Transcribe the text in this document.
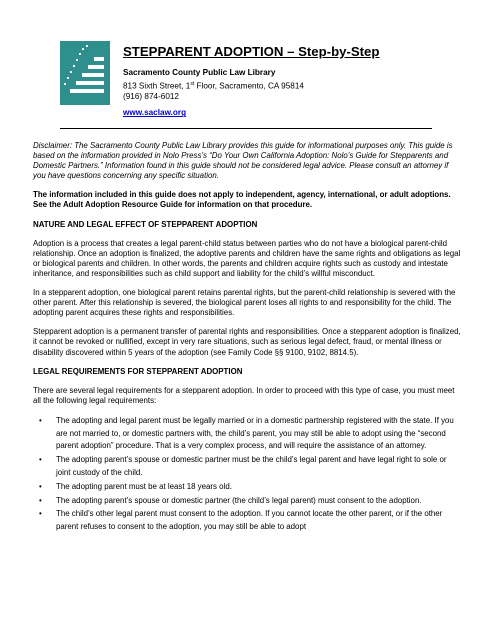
STEPPARENT ADOPTION – Step-by-Step
Sacramento County Public Law Library
813 Sixth Street, 1st Floor, Sacramento, CA 95814
(916) 874-6012
www.saclaw.org

Disclaimer: The Sacramento County Public Law Library provides this guide for informational purposes only. This guide is based on the information provided in Nolo Press’s “Do Your Own California Adoption: Nolo’s Guide for Stepparents and Domestic Partners.” Information found in this guide should not be considered legal advice. Please consult an attorney if you have questions concerning any specific situation.

The information included in this guide does not apply to independent, agency, international, or adult adoptions. See the Adult Adoption Resource Guide for information on that procedure.

NATURE AND LEGAL EFFECT OF STEPPARENT ADOPTION

Adoption is a process that creates a legal parent-child status between parties who do not have a biological parent-child relationship. Once an adoption is finalized, the adoptive parents and children have the same rights and obligations as legal or biological parents and children. In other words, the parents and children acquire rights such as custody and intestate inheritance, and responsibilities such as child support and liability for the child’s willful misconduct.

In a stepparent adoption, one biological parent retains parental rights, but the parent-child relationship is severed with the other parent. After this relationship is severed, the biological parent loses all rights to and responsibility for the child. The adopting parent acquires these rights and responsibilities.

Stepparent adoption is a permanent transfer of parental rights and responsibilities. Once a stepparent adoption is finalized, it cannot be revoked or nullified, except in very rare situations, such as serious legal defect, fraud, or mental illness or disability discovered within 5 years of the adoption (see Family Code §§ 9100, 9102, 8814.5).

LEGAL REQUIREMENTS FOR STEPPARENT ADOPTION

There are several legal requirements for a stepparent adoption. In order to proceed with this type of case, you must meet all the following legal requirements:

• The adopting and legal parent must be legally married or in a domestic partnership registered with the state. If you are not married to, or domestic partners with, the child’s parent, you may still be able to adopt using the “second parent adoption” procedure. That is a very complex process, and will require the assistance of an attorney.
• The adopting parent’s spouse or domestic partner must be the child’s legal parent and have legal right to sole or joint custody of the child.
• The adopting parent must be at least 18 years old.
• The adopting parent’s spouse or domestic partner (the child’s legal parent) must consent to the adoption.
• The child’s other legal parent must consent to the adoption. If you cannot locate the other parent, or if the other parent refuses to consent to the adoption, you may still be able to adopt
